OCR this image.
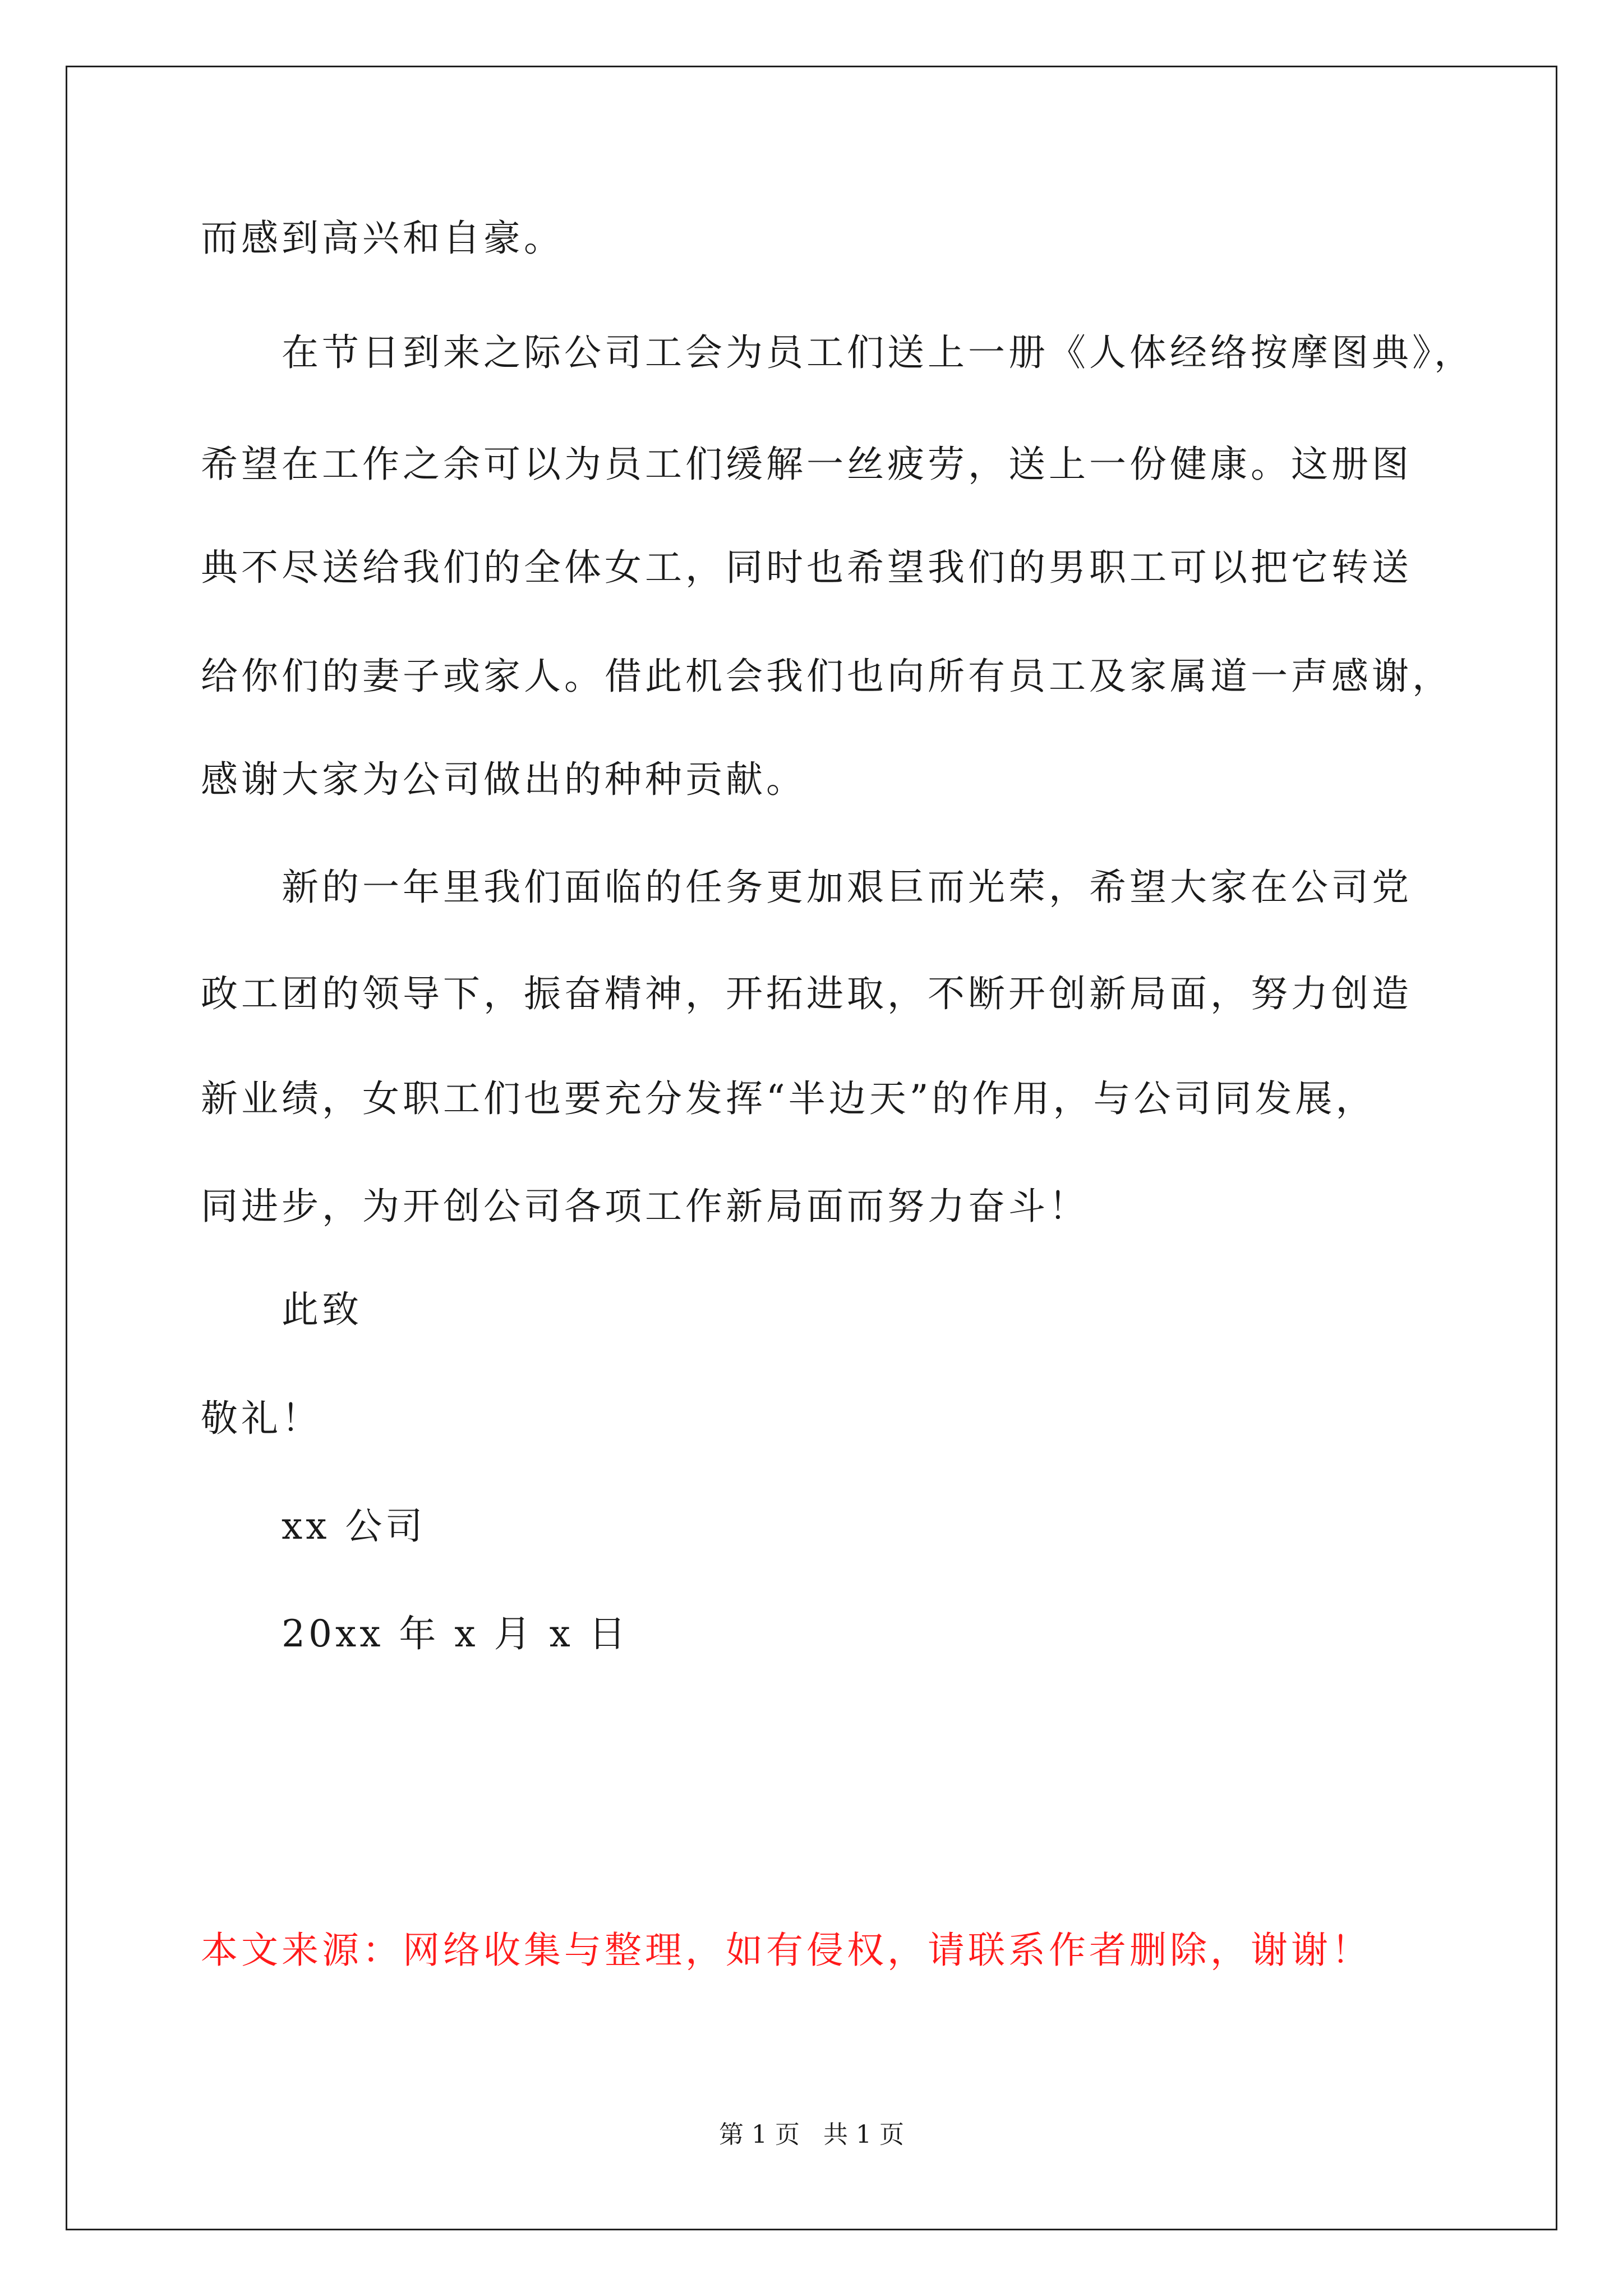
而感到高兴和自豪。
在节日到来之际公司工会为员工们送上一册《人体经络按摩图典》，
希望在工作之余可以为员工们缓解一丝疲劳，送上一份健康。这册图
典不尽送给我们的全体女工，同时也希望我们的男职工可以把它转送
给你们的妻子或家人。借此机会我们也向所有员工及家属道一声感谢，
感谢大家为公司做出的种种贡献。
新的一年里我们面临的任务更加艰巨而光荣，希望大家在公司党
政工团的领导下，振奋精神，开拓进取，不断开创新局面，努力创造
新业绩，女职工们也要充分发挥“半边天”的作用，与公司同发展，
同进步，为开创公司各项工作新局面而努力奋斗！
此致
敬礼！
xx 公司
20xx 年 x 月 x 日
本文来源：网络收集与整理，如有侵权，请联系作者删除，谢谢！
第 1 页 共 1 页
